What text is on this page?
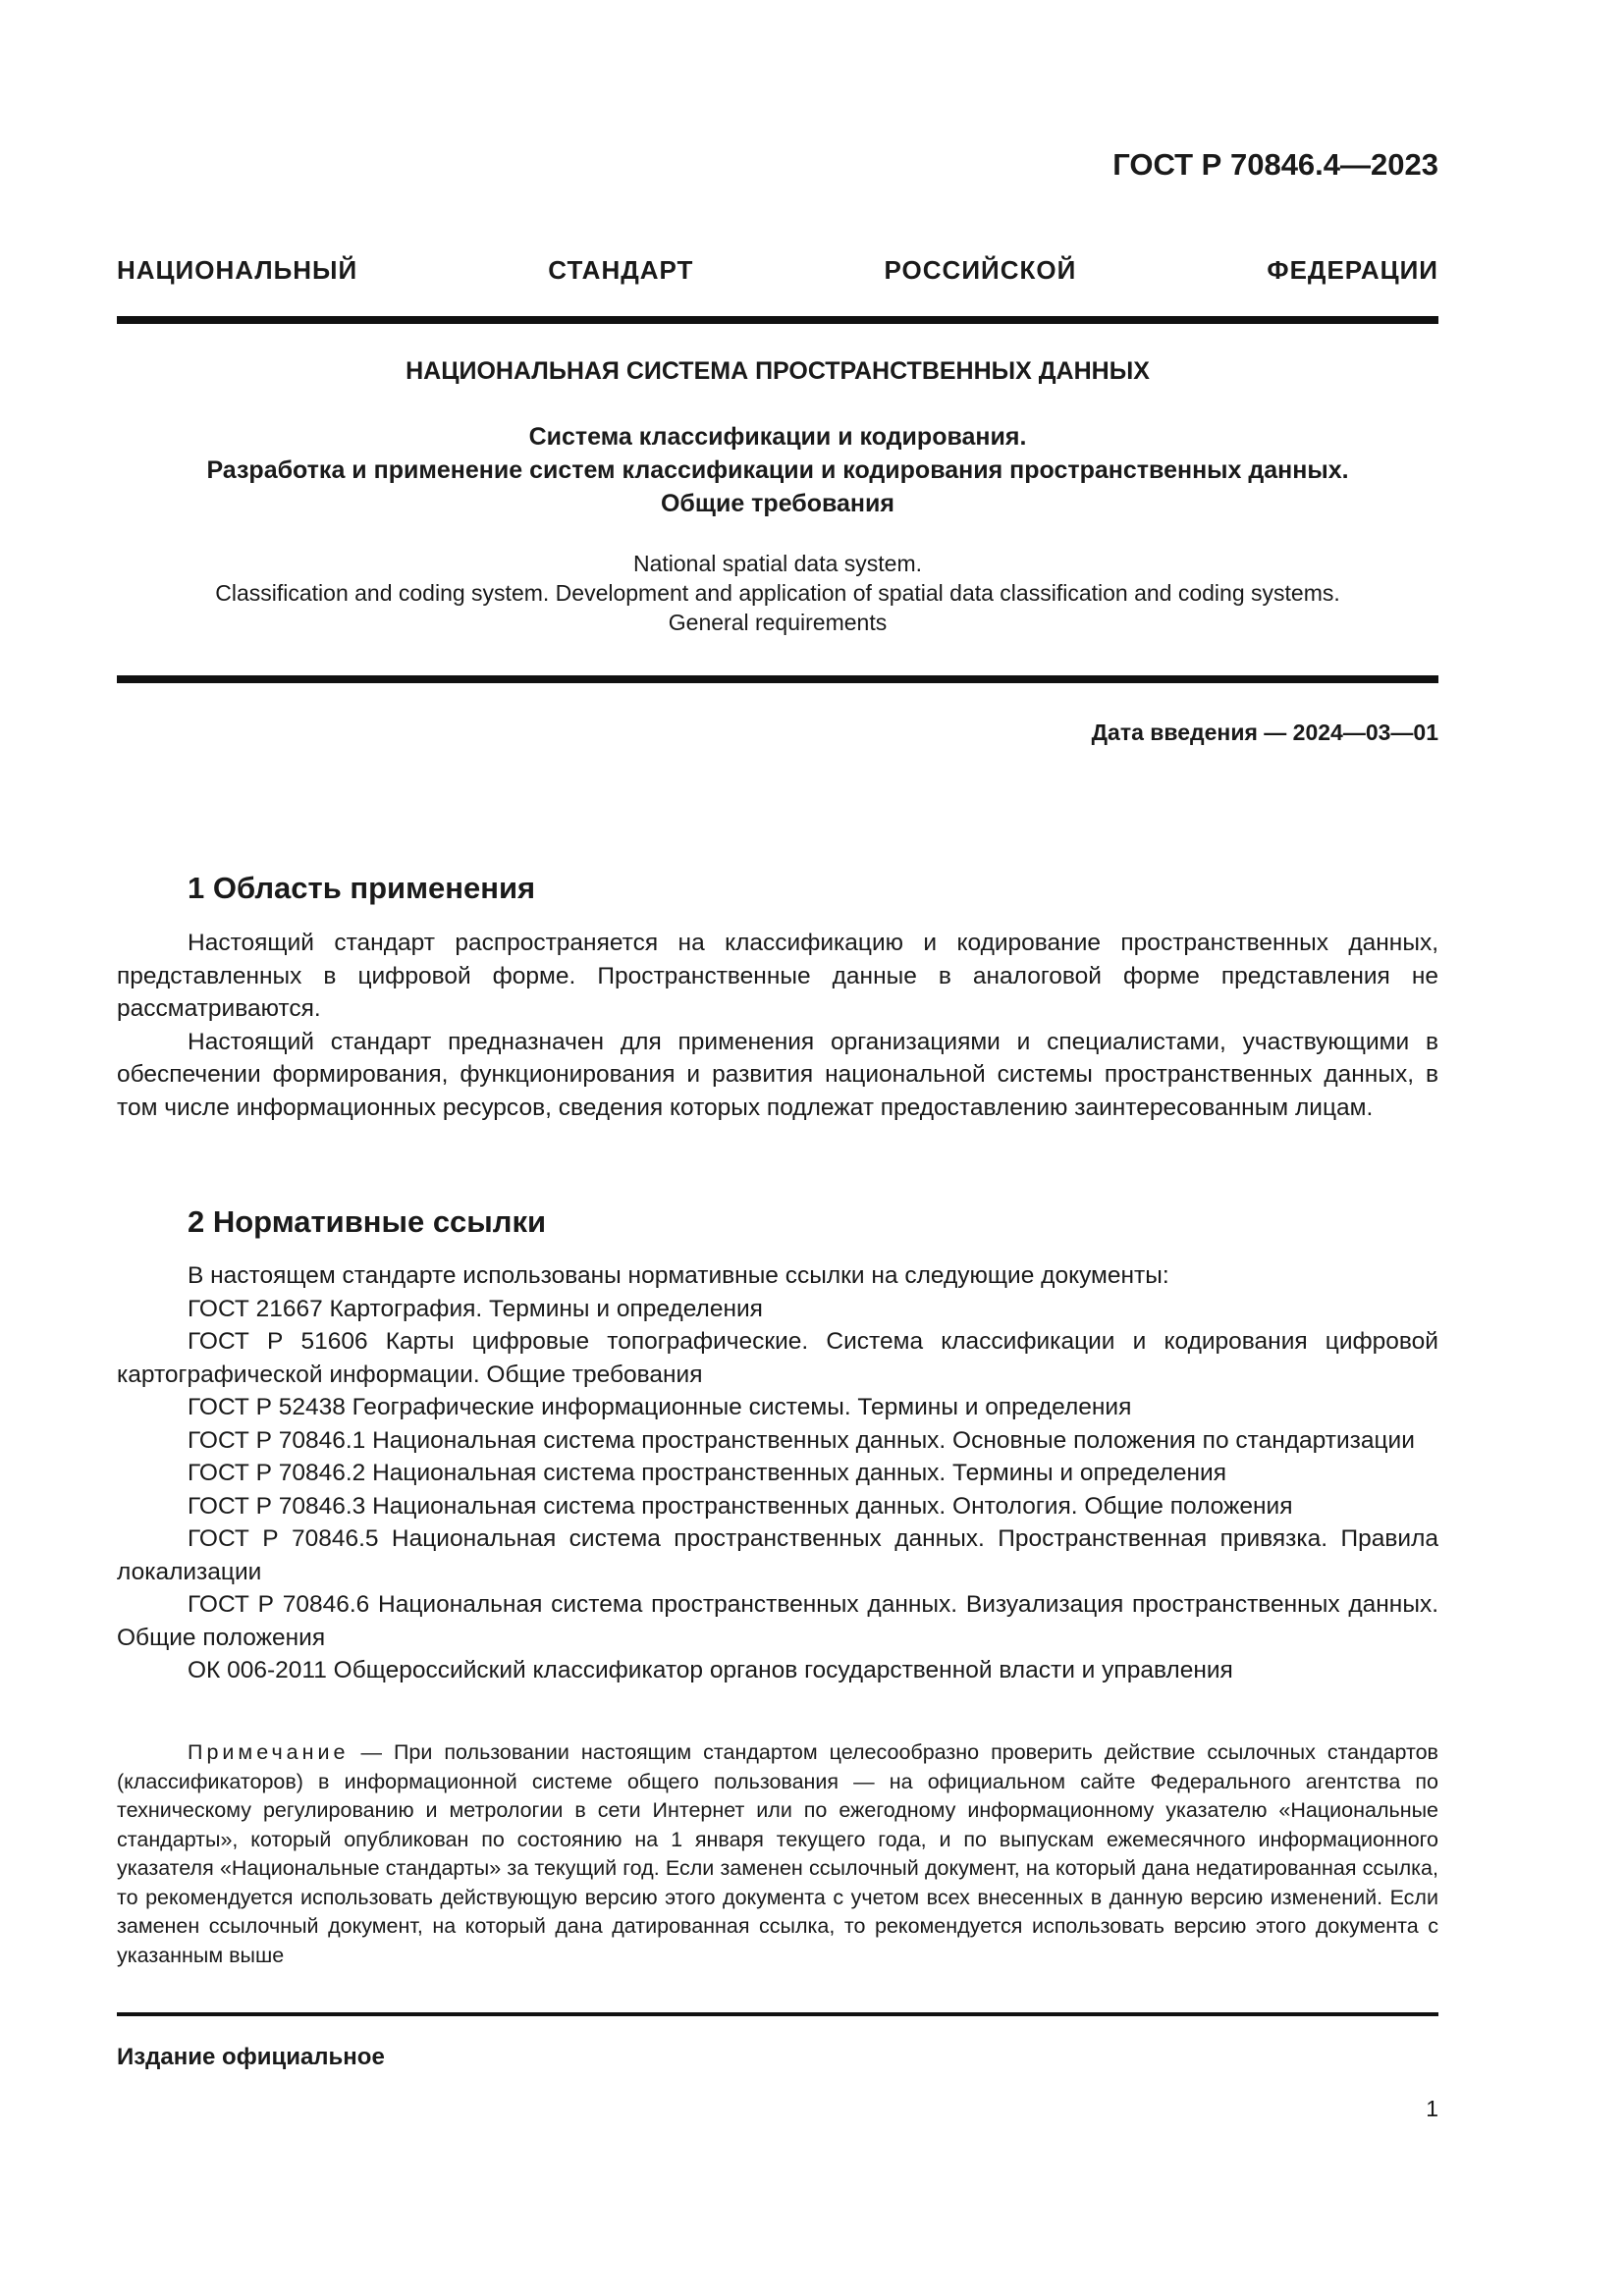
ГОСТ Р 70846.4—2023
НАЦИОНАЛЬНЫЙ СТАНДАРТ РОССИЙСКОЙ ФЕДЕРАЦИИ
НАЦИОНАЛЬНАЯ СИСТЕМА ПРОСТРАНСТВЕННЫХ ДАННЫХ
Система классификации и кодирования.
Разработка и применение систем классификации и кодирования пространственных данных.
Общие требования
National spatial data system.
Classification and coding system. Development and application of spatial data classification and coding systems.
General requirements
Дата введения — 2024—03—01
1 Область применения

Настоящий стандарт распространяется на классификацию и кодирование пространственных данных, представленных в цифровой форме. Пространственные данные в аналоговой форме представления не рассматриваются.

Настоящий стандарт предназначен для применения организациями и специалистами, участвующими в обеспечении формирования, функционирования и развития национальной системы пространственных данных, в том числе информационных ресурсов, сведения которых подлежат предоставлению заинтересованным лицам.

2 Нормативные ссылки

В настоящем стандарте использованы нормативные ссылки на следующие документы:

ГОСТ 21667 Картография. Термины и определения

ГОСТ Р 51606 Карты цифровые топографические. Система классификации и кодирования цифровой картографической информации. Общие требования

ГОСТ Р 52438 Географические информационные системы. Термины и определения

ГОСТ Р 70846.1 Национальная система пространственных данных. Основные положения по стандартизации

ГОСТ Р 70846.2 Национальная система пространственных данных. Термины и определения

ГОСТ Р 70846.3 Национальная система пространственных данных. Онтология. Общие положения

ГОСТ Р 70846.5 Национальная система пространственных данных. Пространственная привязка. Правила локализации

ГОСТ Р 70846.6 Национальная система пространственных данных. Визуализация пространственных данных. Общие положения

ОК 006-2011 Общероссийский классификатор органов государственной власти и управления

Примечание — При пользовании настоящим стандартом целесообразно проверить действие ссылочных стандартов (классификаторов) в информационной системе общего пользования — на официальном сайте Федерального агентства по техническому регулированию и метрологии в сети Интернет или по ежегодному информационному указателю «Национальные стандарты», который опубликован по состоянию на 1 января текущего года, и по выпускам ежемесячного информационного указателя «Национальные стандарты» за текущий год. Если заменен ссылочный документ, на который дана недатированная ссылка, то рекомендуется использовать действующую версию этого документа с учетом всех внесенных в данную версию изменений. Если заменен ссылочный документ, на который дана датированная ссылка, то рекомендуется использовать версию этого документа с указанным выше

Издание официальное
1
